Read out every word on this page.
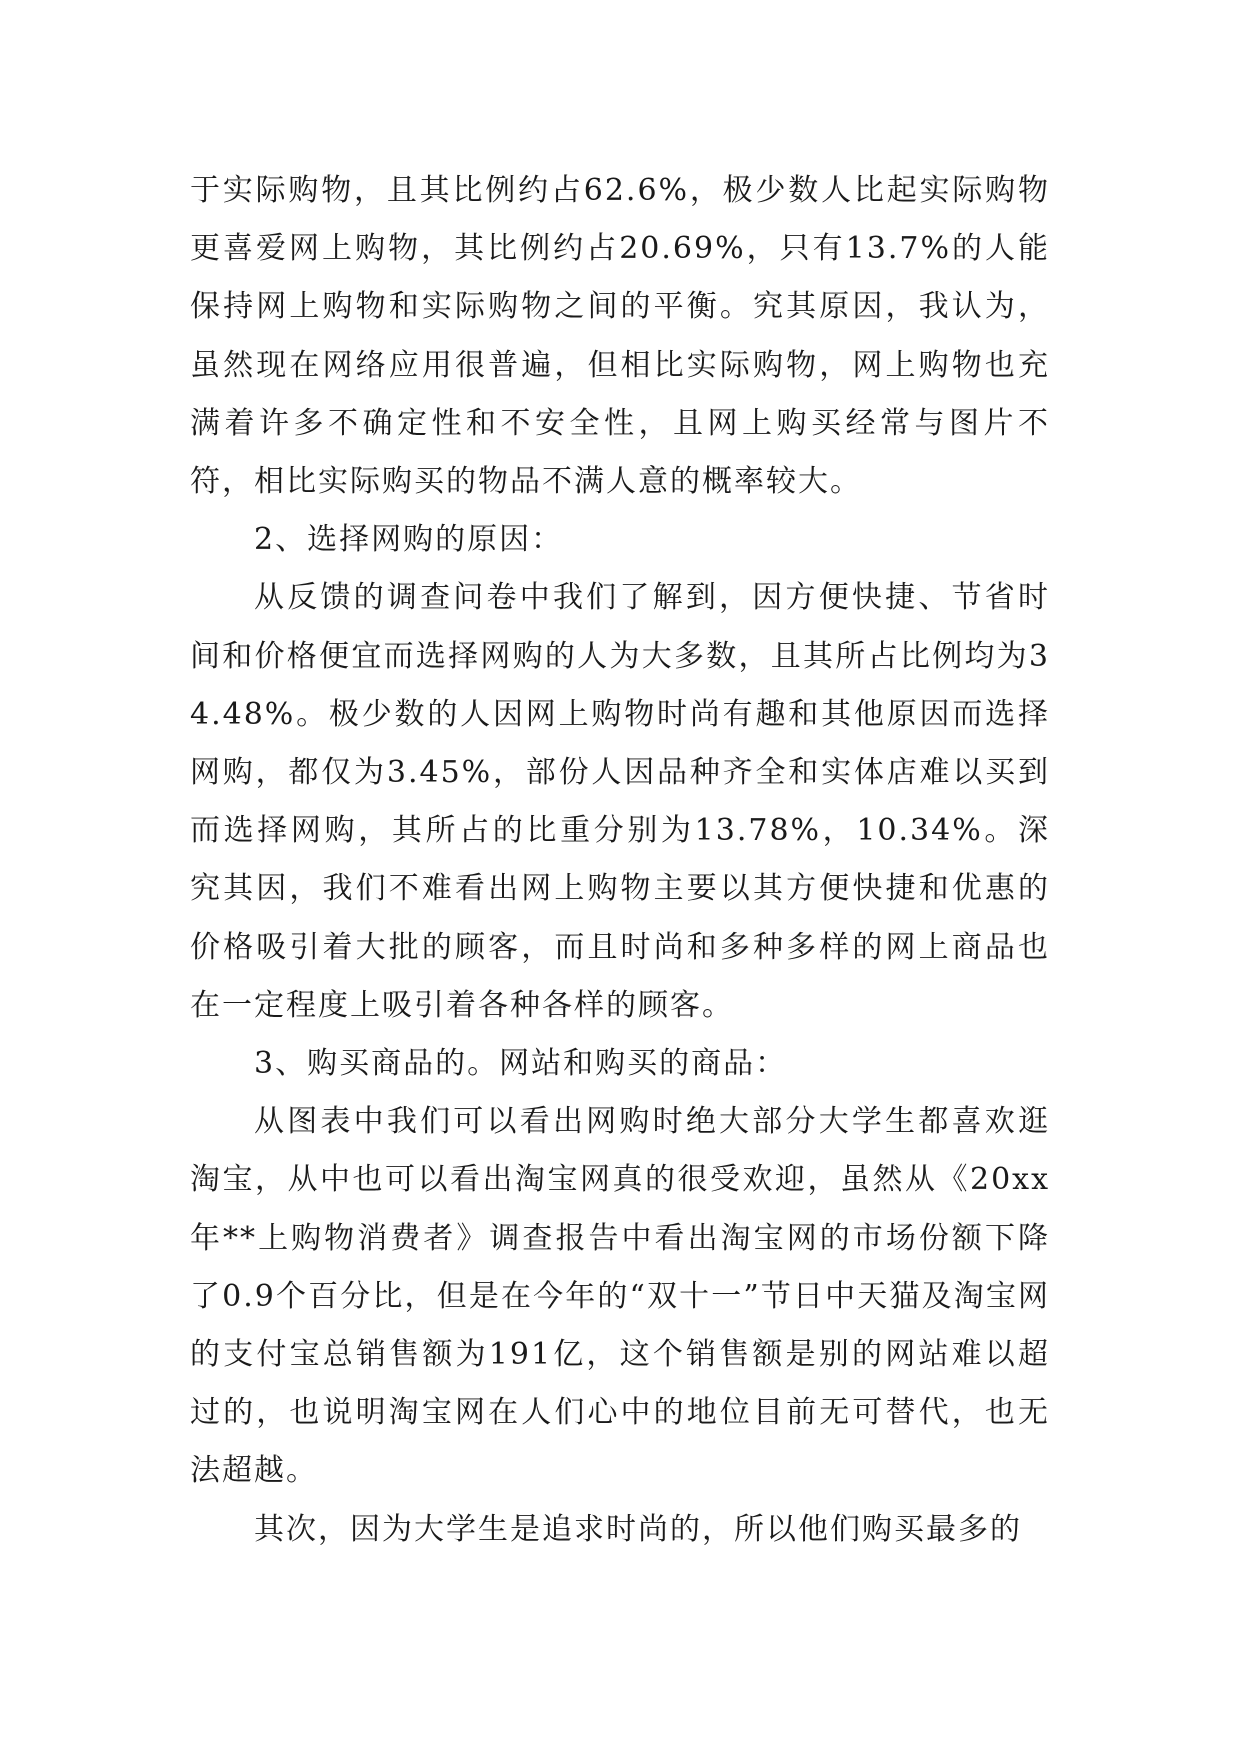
于实际购物，且其比例约占62.6%，极少数人比起实际购物更喜爱网上购物，其比例约占20.69%，只有13.7%的人能保持网上购物和实际购物之间的平衡。究其原因，我认为，虽然现在网络应用很普遍，但相比实际购物，网上购物也充满着许多不确定性和不安全性，且网上购买经常与图片不符，相比实际购买的物品不满人意的概率较大。

2、选择网购的原因：

从反馈的调查问卷中我们了解到，因方便快捷、节省时间和价格便宜而选择网购的人为大多数，且其所占比例均为34.48%。极少数的人因网上购物时尚有趣和其他原因而选择网购，都仅为3.45%，部份人因品种齐全和实体店难以买到而选择网购，其所占的比重分别为13.78%，10.34%。深究其因，我们不难看出网上购物主要以其方便快捷和优惠的价格吸引着大批的顾客，而且时尚和多种多样的网上商品也在一定程度上吸引着各种各样的顾客。

3、购买商品的。网站和购买的商品：

从图表中我们可以看出网购时绝大部分大学生都喜欢逛淘宝，从中也可以看出淘宝网真的很受欢迎，虽然从《20xx年**上购物消费者》调查报告中看出淘宝网的市场份额下降了0.9个百分比，但是在今年的“双十一”节日中天猫及淘宝网的支付宝总销售额为191亿，这个销售额是别的网站难以超过的，也说明淘宝网在人们心中的地位目前无可替代，也无法超越。

其次，因为大学生是追求时尚的，所以他们购买最多的
